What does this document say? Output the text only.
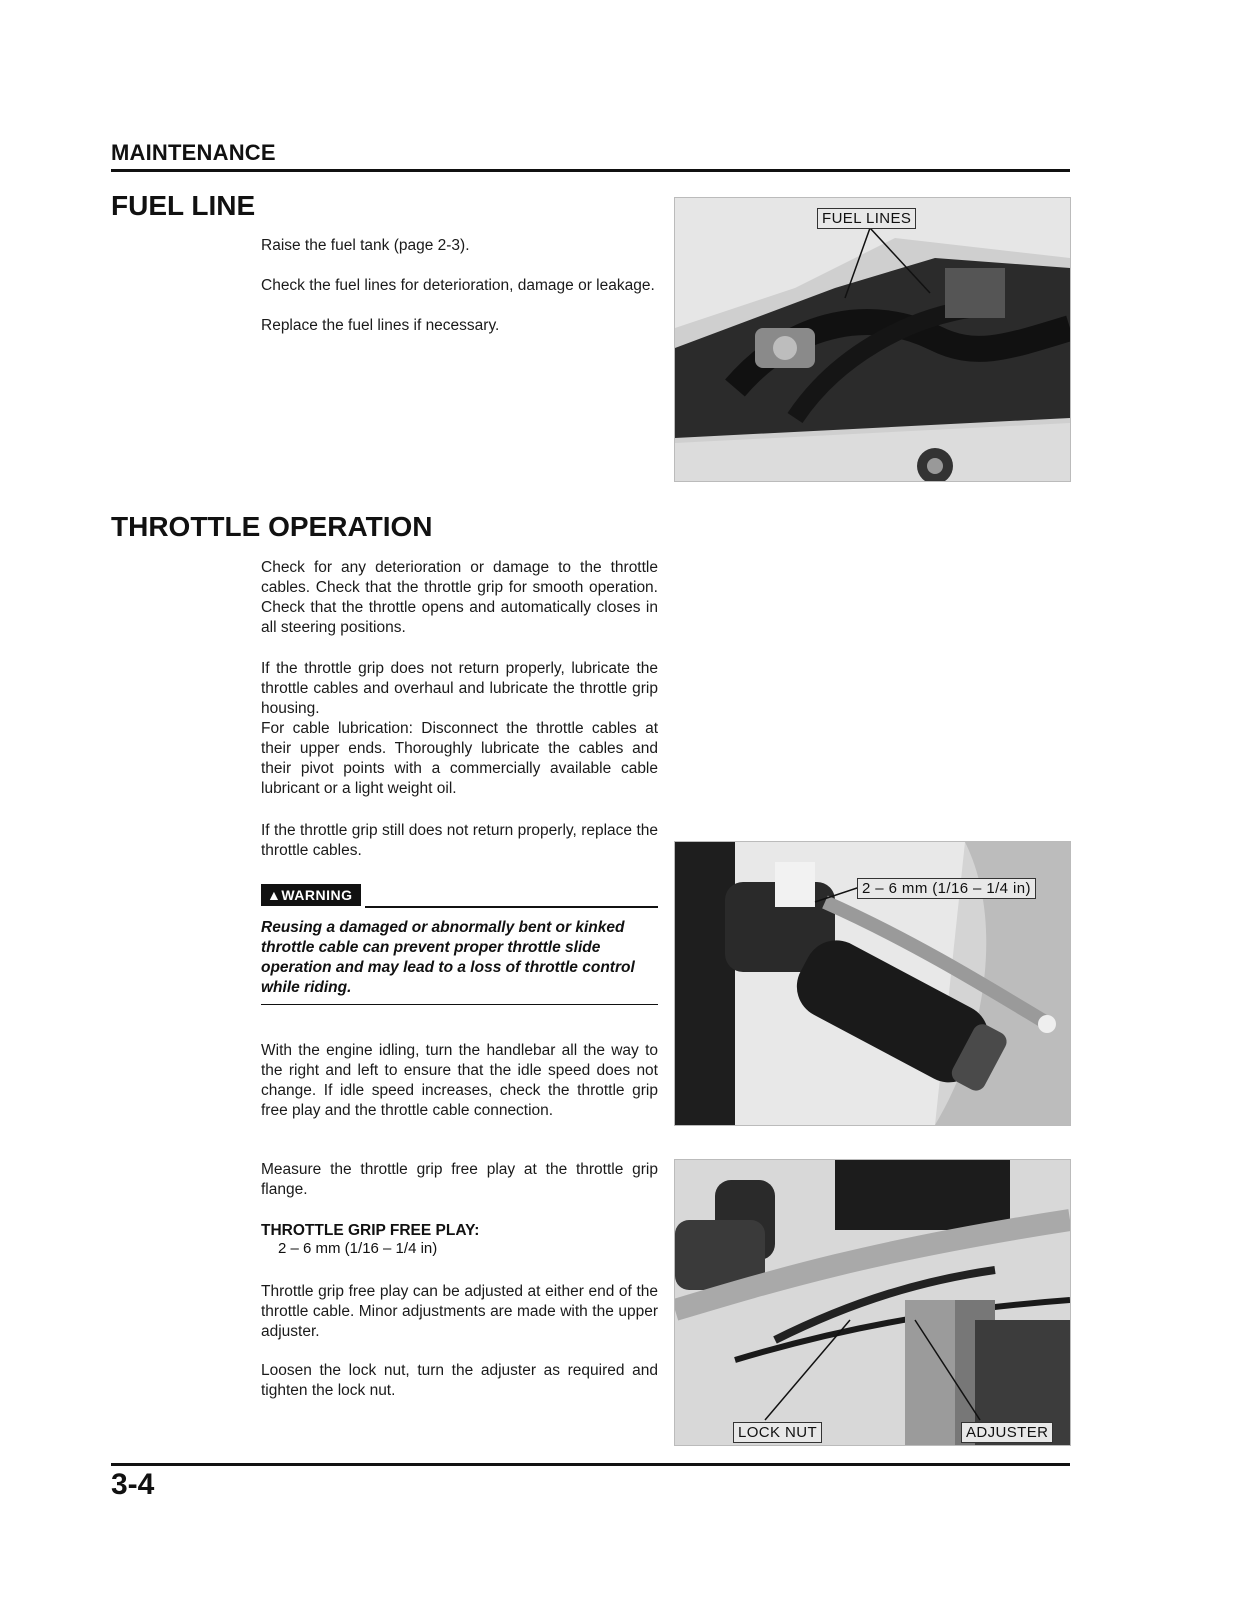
MAINTENANCE
FUEL LINE

Raise the fuel tank (page 2-3).

Check the fuel lines for deterioration, damage or leakage.

Replace the fuel lines if necessary.

FUEL LINES
THROTTLE OPERATION

Check for any deterioration or damage to the throttle cables. Check that the throttle grip for smooth operation. Check that the throttle opens and automatically closes in all steering positions.

If the throttle grip does not return properly, lubricate the throttle cables and overhaul and lubricate the throttle grip housing.

For cable lubrication: Disconnect the throttle cables at their upper ends. Thoroughly lubricate the cables and their pivot points with a commercially available cable lubricant or a light weight oil.

If the throttle grip still does not return properly, replace the throttle cables.

▲WARNING
Reusing a damaged or abnormally bent or kinked throttle cable can prevent proper throttle slide operation and may lead to a loss of throttle control while riding.

With the engine idling, turn the handlebar all the way to the right and left to ensure that the idle speed does not change. If idle speed increases, check the throttle grip free play and the throttle cable connection.

Measure the throttle grip free play at the throttle grip flange.

THROTTLE GRIP FREE PLAY:
2 – 6 mm (1/16 – 1/4 in)

Throttle grip free play can be adjusted at either end of the throttle cable. Minor adjustments are made with the upper adjuster.

Loosen the lock nut, turn the adjuster as required and tighten the lock nut.

2 – 6 mm (1/16 – 1/4 in)
LOCK NUT	ADJUSTER
3-4
